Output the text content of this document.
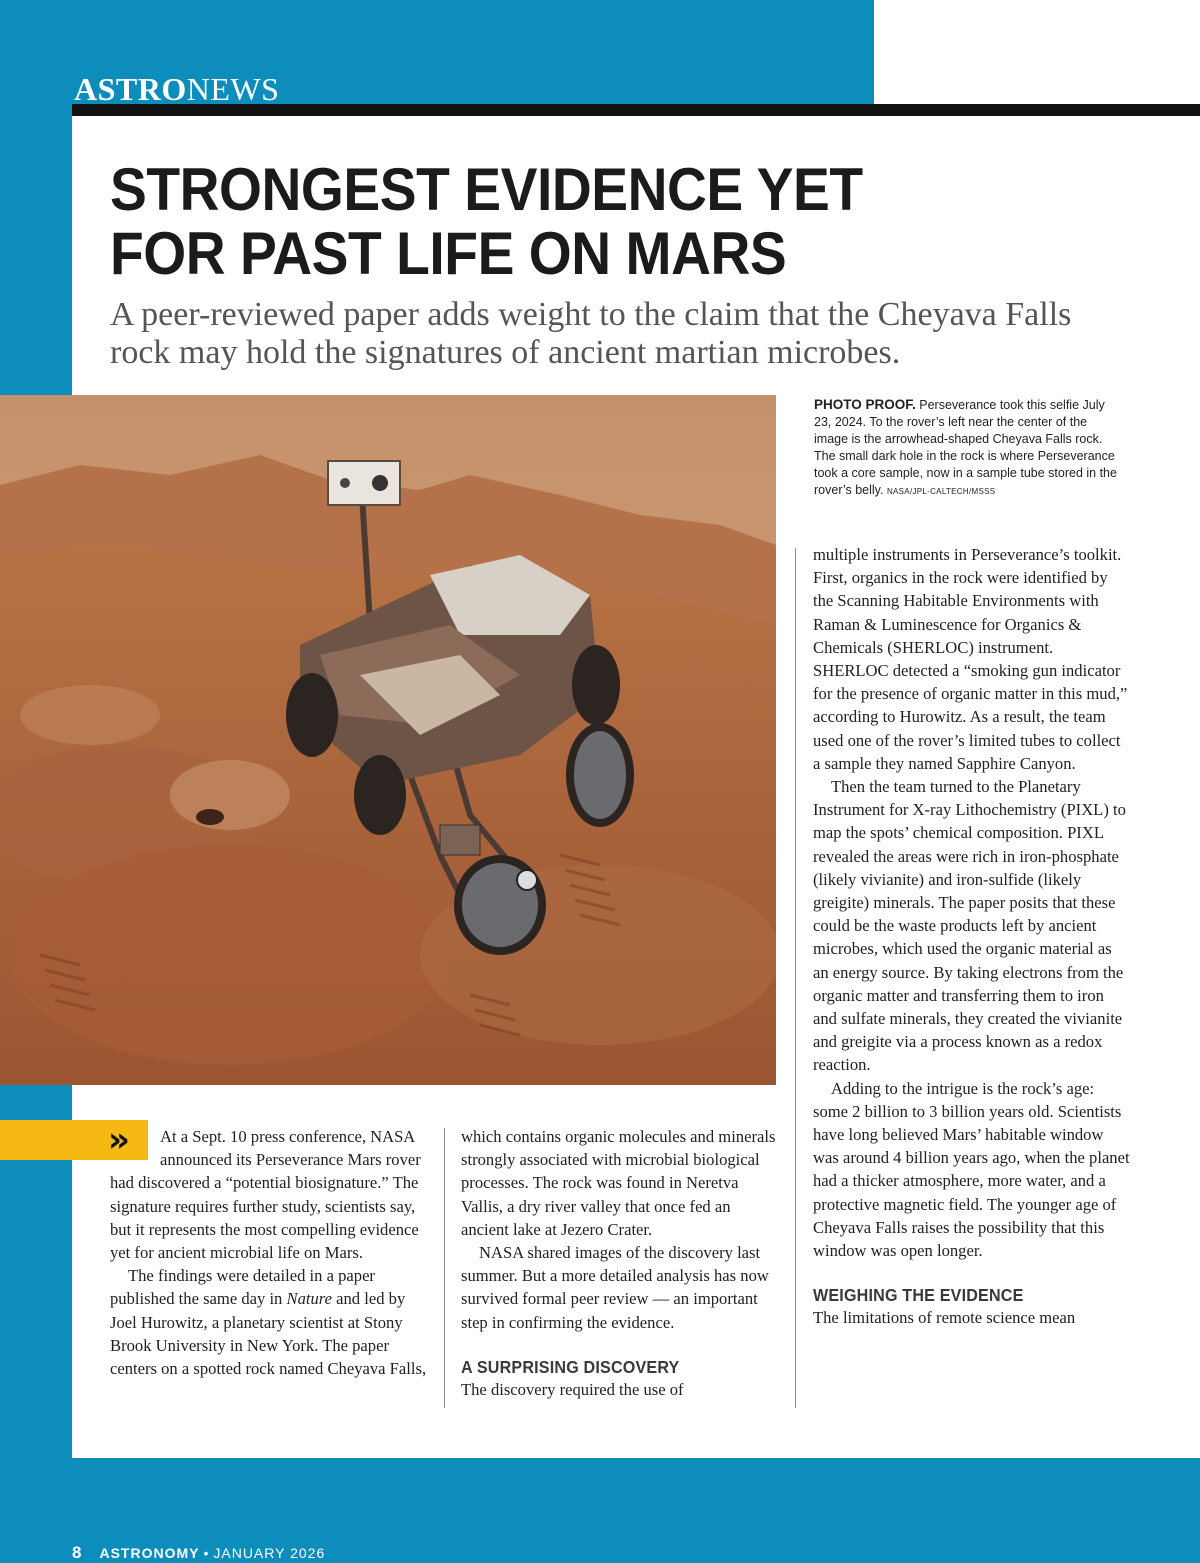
ASTRONEWS
STRONGEST EVIDENCE YET
FOR PAST LIFE ON MARS
A peer-reviewed paper adds weight to the claim that the Cheyava Falls rock may hold the signatures of ancient martian microbes.
PHOTO PROOF. Perseverance took this selfie July 23, 2024. To the rover’s left near the center of the image is the arrowhead-shaped Cheyava Falls rock. The small dark hole in the rock is where Perseverance took a core sample, now in a sample tube stored in the rover’s belly. NASA/JPL-CALTECH/MSSS
»	At a Sept. 10 press conference, NASA announced its Perseverance Mars rover had discovered a “potential biosignature.” The signature requires further study, scientists say, but it represents the most compelling evidence yet for ancient microbial life on Mars.

The findings were detailed in a paper published the same day in Nature and led by Joel Hurowitz, a planetary scientist at Stony Brook University in New York. The paper centers on a spotted rock named Cheyava Falls,

which contains organic molecules and minerals strongly associated with microbial biological processes. The rock was found in Neretva Vallis, a dry river valley that once fed an ancient lake at Jezero Crater.

NASA shared images of the discovery last summer. But a more detailed analysis has now survived formal peer review — an important step in confirming the evidence.

A SURPRISING DISCOVERY

The discovery required the use of

multiple instruments in Perseverance’s toolkit. First, organics in the rock were identified by the Scanning Habitable Environments with Raman & Luminescence for Organics & Chemicals (SHERLOC) instrument. SHERLOC detected a “smoking gun indicator for the presence of organic matter in this mud,” according to Hurowitz. As a result, the team used one of the rover’s limited tubes to collect a sample they named Sapphire Canyon.

Then the team turned to the Planetary Instrument for X-ray Lithochemistry (PIXL) to map the spots’ chemical composition. PIXL revealed the areas were rich in iron-phosphate (likely vivianite) and iron-sulfide (likely greigite) minerals. The paper posits that these could be the waste products left by ancient microbes, which used the organic material as an energy source. By taking electrons from the organic matter and transferring them to iron and sulfate minerals, they created the vivianite and greigite via a process known as a redox reaction.

Adding to the intrigue is the rock’s age: some 2 billion to 3 billion years old. Scientists have long believed Mars’ habitable window was around 4 billion years ago, when the planet had a thicker atmosphere, more water, and a protective magnetic field. The younger age of Cheyava Falls raises the possibility that this window was open longer.

WEIGHING THE EVIDENCE

The limitations of remote science mean

8 ASTRONOMY • JANUARY 2026
